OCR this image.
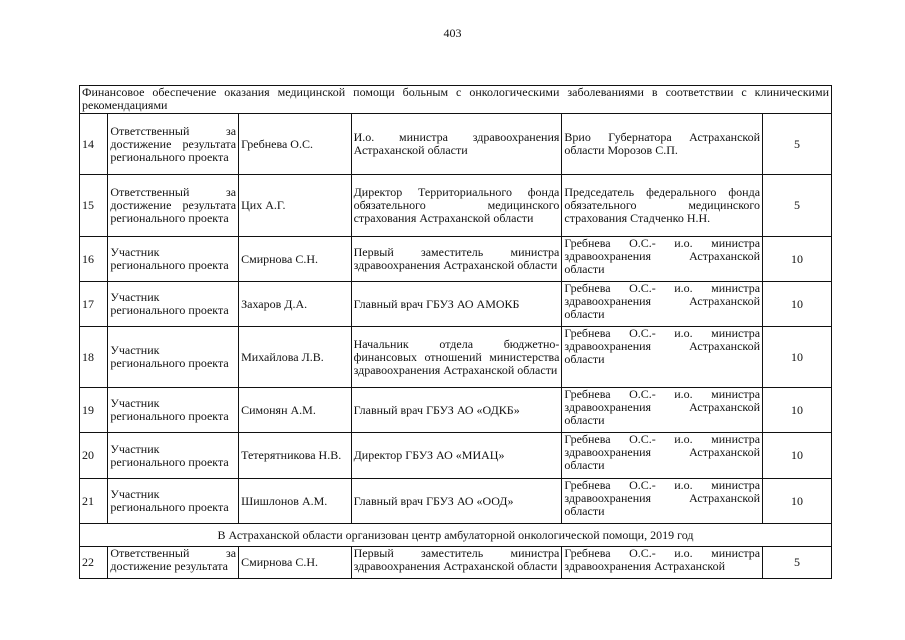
403
Финансовое обеспечение оказания медицинской помощи больным с онкологическими заболеваниями в соответствии с клиническими рекомендациями					
14	Ответственный за достижение результата регионального проекта	Гребнева О.С.	И.о. министра здравоохранения Астраханской области	Врио Губернатора Астраханской области Морозов С.П.	5
15	Ответственный за достижение результата регионального проекта	Цих А.Г.	Директор Территориального фонда обязательного медицинского страхования Астраханской области	Председатель федерального фонда обязательного медицинского страхования Стадченко Н.Н.	5
16	Участник регионального проекта	Смирнова С.Н.	Первый заместитель министра здравоохранения Астраханской области	Гребнева О.С.- и.о. министра здравоохранения Астраханской области	10
17	Участник регионального проекта	Захаров Д.А.	Главный врач ГБУЗ АО АМОКБ	Гребнева О.С.- и.о. министра здравоохранения Астраханской области	10
18	Участник регионального проекта	Михайлова Л.В.	Начальник отдела бюджетно-финансовых отношений министерства здравоохранения Астраханской области	Гребнева О.С.- и.о. министра здравоохранения Астраханской области	10
19	Участник регионального проекта	Симонян А.М.	Главный врач ГБУЗ АО «ОДКБ»	Гребнева О.С.- и.о. министра здравоохранения Астраханской области	10
20	Участник регионального проекта	Тетерятникова Н.В.	Директор ГБУЗ АО «МИАЦ»	Гребнева О.С.- и.о. министра здравоохранения Астраханской области	10
21	Участник регионального проекта	Шишлонов А.М.	Главный врач ГБУЗ АО «ООД»	Гребнева О.С.- и.о. министра здравоохранения Астраханской области	10
В Астраханской области организован центр амбулаторной онкологической помощи, 2019 год					
22	Ответственный за достижение результата	Смирнова С.Н.	Первый заместитель министра здравоохранения Астраханской области	Гребнева О.С.- и.о. министра здравоохранения Астраханской	5
